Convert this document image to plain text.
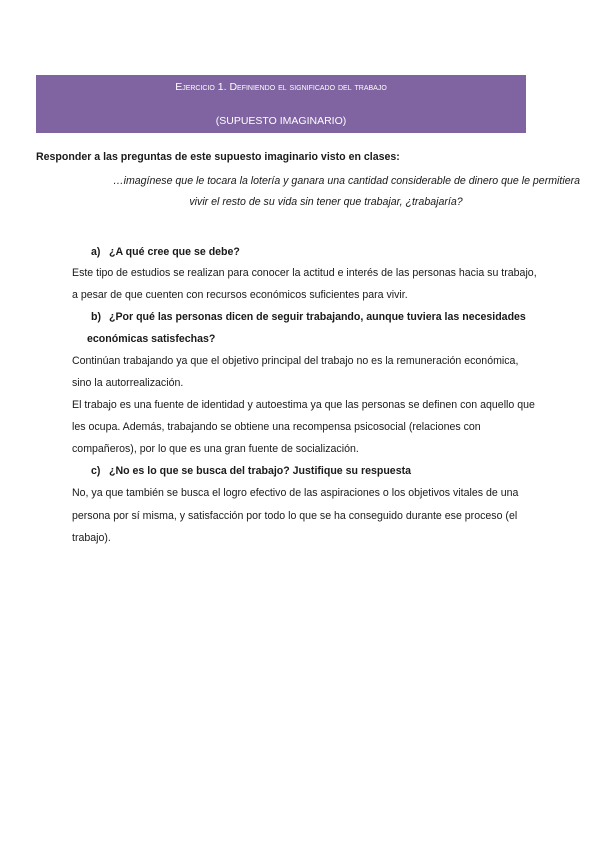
Ejercicio 1. Definiendo el significado del trabajo
(SUPUESTO IMAGINARIO)
Responder a las preguntas de este supuesto imaginario visto en clases:
…imagínese que le tocara la lotería y ganara una cantidad considerable de dinero que le permitiera
vivir el resto de su vida sin tener que trabajar, ¿trabajaría?
a) ¿A qué cree que se debe?
Este tipo de estudios se realizan para conocer la actitud e interés de las personas hacia su trabajo,
a pesar de que cuenten con recursos económicos suficientes para vivir.
b) ¿Por qué las personas dicen de seguir trabajando, aunque tuviera las necesidades
económicas satisfechas?
Continúan trabajando ya que el objetivo principal del trabajo no es la remuneración económica,
sino la autorrealización.
El trabajo es una fuente de identidad y autoestima ya que las personas se definen con aquello que
les ocupa. Además, trabajando se obtiene una recompensa psicosocial (relaciones con
compañeros), por lo que es una gran fuente de socialización.
c) ¿No es lo que se busca del trabajo? Justifique su respuesta
No, ya que también se busca el logro efectivo de las aspiraciones o los objetivos vitales de una
persona por sí misma, y satisfacción por todo lo que se ha conseguido durante ese proceso (el
trabajo).
